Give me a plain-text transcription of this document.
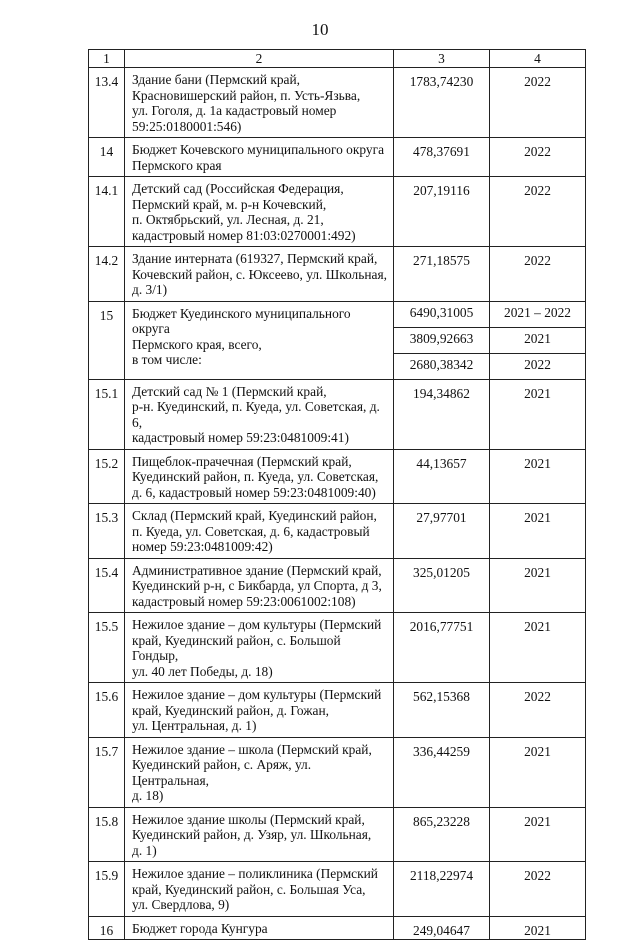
10
1	2	3	4
13.4	Здание бани (Пермский край,
Красновишерский район, п. Усть-Язьва,
ул. Гоголя, д. 1а кадастровый номер
59:25:0180001:546)	1783,74230	2022
14	Бюджет Кочевского муниципального округа
Пермского края	478,37691	2022
14.1	Детский сад (Российская Федерация,
Пермский край, м. р-н Кочевский,
п. Октябрьский, ул. Лесная, д. 21,
кадастровый номер 81:03:0270001:492)	207,19116	2022
14.2	Здание интерната (619327, Пермский край,
Кочевский район, с. Юксеево, ул. Школьная,
д. 3/1)	271,18575	2022
15	Бюджет Куединского муниципального округа
Пермского края, всего,
в том числе:	6490,31005	2021 – 2022
		3809,92663	2021
		2680,38342	2022
15.1	Детский сад № 1 (Пермский край,
р-н. Куединский, п. Куеда, ул. Советская, д. 6,
кадастровый номер 59:23:0481009:41)	194,34862	2021
15.2	Пищеблок-прачечная (Пермский край,
Куединский район, п. Куеда, ул. Советская,
д. 6, кадастровый номер 59:23:0481009:40)	44,13657	2021
15.3	Склад (Пермский край, Куединский район,
п. Куеда, ул. Советская, д. 6, кадастровый
номер 59:23:0481009:42)	27,97701	2021
15.4	Административное здание (Пермский край,
Куединский р-н, с Бикбарда, ул Спорта, д 3,
кадастровый номер 59:23:0061002:108)	325,01205	2021
15.5	Нежилое здание – дом культуры (Пермский
край, Куединский район, с. Большой Гондыр,
ул. 40 лет Победы, д. 18)	2016,77751	2021
15.6	Нежилое здание – дом культуры (Пермский
край, Куединский район, д. Гожан,
ул. Центральная, д. 1)	562,15368	2022
15.7	Нежилое здание – школа (Пермский край,
Куединский район, с. Аряж, ул. Центральная,
д. 18)	336,44259	2021
15.8	Нежилое здание школы (Пермский край,
Куединский район, д. Узяр, ул. Школьная,
д. 1)	865,23228	2021
15.9	Нежилое здание – поликлиника (Пермский
край, Куединский район, с. Большая Уса,
ул. Свердлова, 9)	2118,22974	2022
16	Бюджет города Кунгура	249,04647	2021
